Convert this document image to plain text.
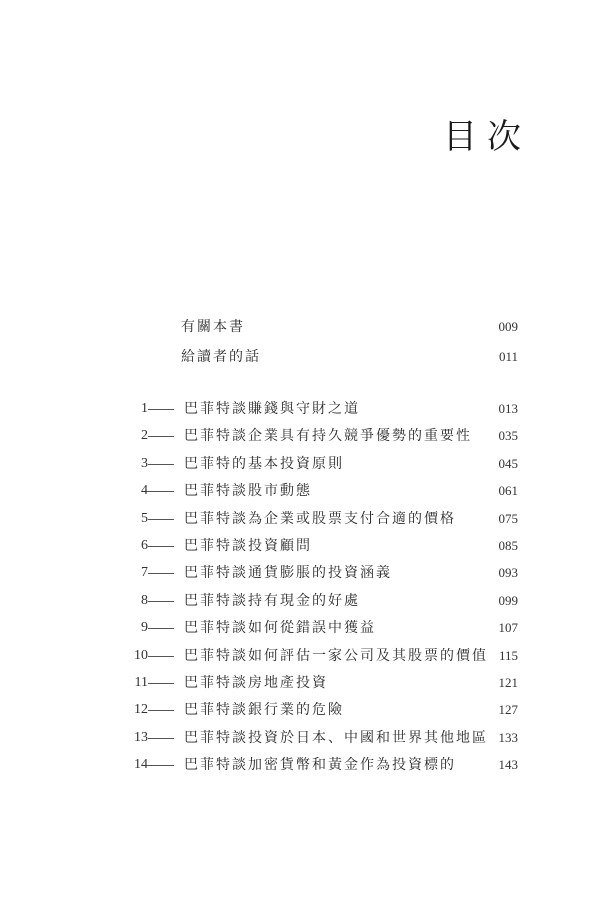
目次
有關本書	009
給讀者的話	011
1	巴菲特談賺錢與守財之道	013
2	巴菲特談企業具有持久競爭優勢的重要性 035
3	巴菲特的基本投資原則	045
4	巴菲特談股市動態	061
5	巴菲特談為企業或股票支付合適的價格	075
6	巴菲特談投資顧問	085
7	巴菲特談通貨膨脹的投資涵義	093
8	巴菲特談持有現金的好處	099
9	巴菲特談如何從錯誤中獲益	107
10	巴菲特談如何評估一家公司及其股票的價值 115
11	巴菲特談房地產投資	121
12	巴菲特談銀行業的危險	127
13	巴菲特談投資於日本、中國和世界其他地區 133
14	巴菲特談加密貨幣和黃金作為投資標的	143
